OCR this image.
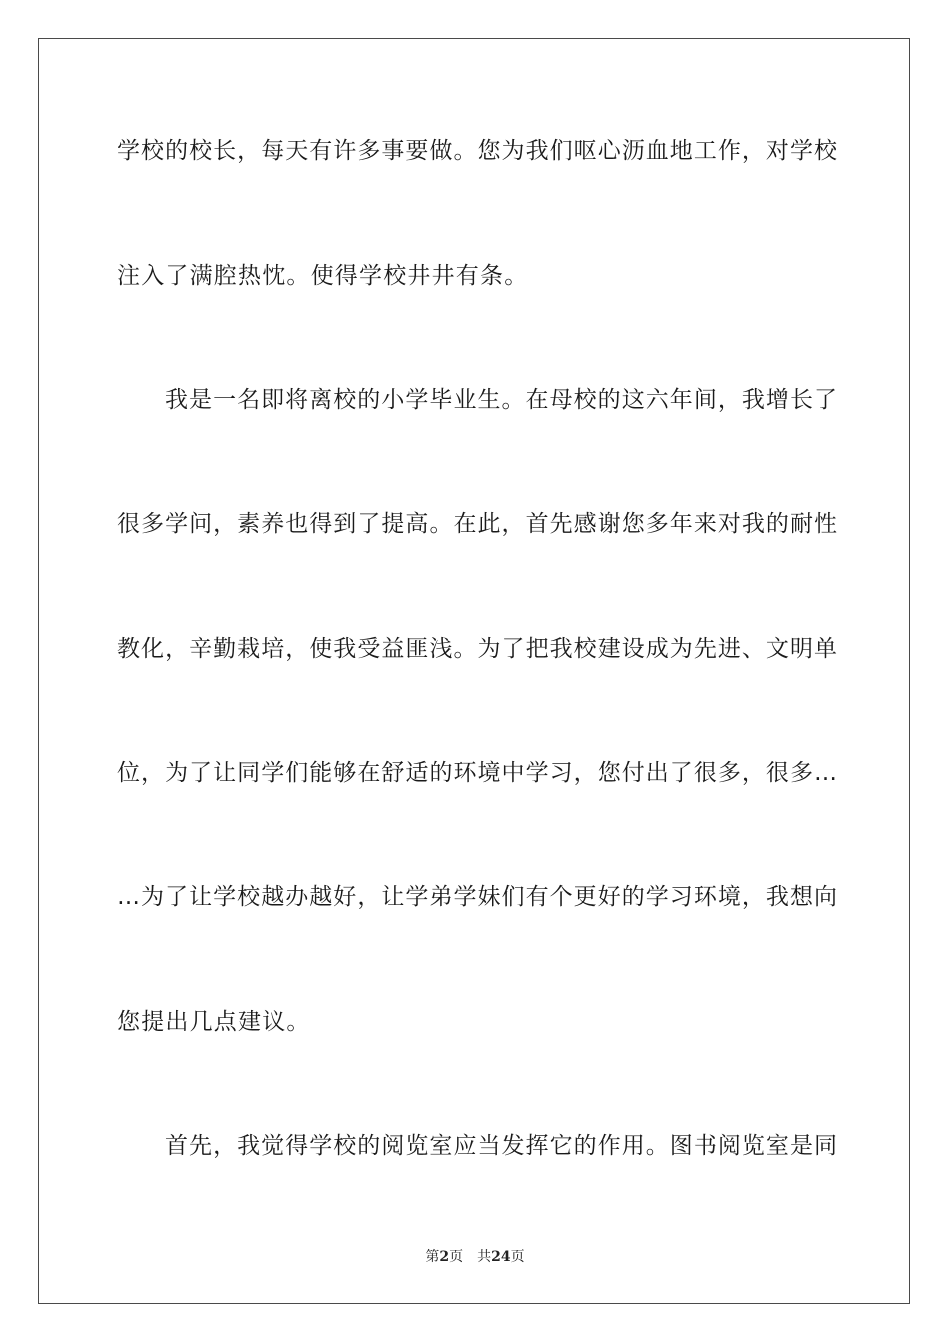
学校的校长，每天有许多事要做。您为我们呕心沥血地工作，对学校
注入了满腔热忱。使得学校井井有条。
我是一名即将离校的小学毕业生。在母校的这六年间，我增长了
很多学问，素养也得到了提高。在此，首先感谢您多年来对我的耐性
教化，辛勤栽培，使我受益匪浅。为了把我校建设成为先进、文明单
位，为了让同学们能够在舒适的环境中学习，您付出了很多，很多…
…为了让学校越办越好，让学弟学妹们有个更好的学习环境，我想向
您提出几点建议。
首先，我觉得学校的阅览室应当发挥它的作用。图书阅览室是同
第2页 共24页
